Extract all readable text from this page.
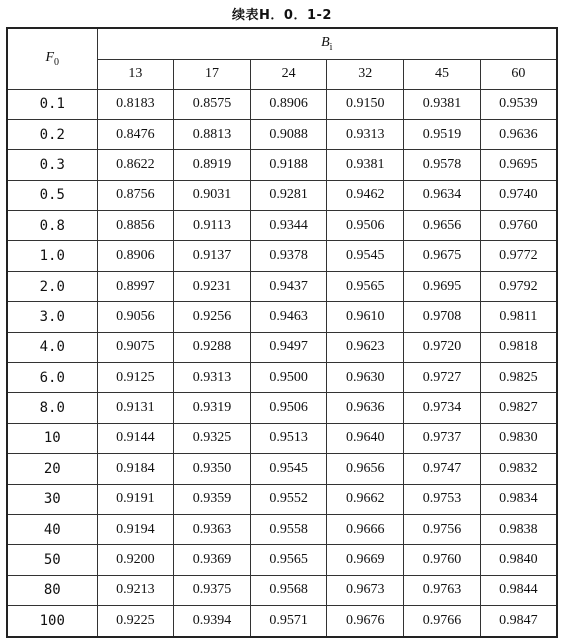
续表H．0．1-2
$F_0$	$B_i$
	13	17	24	32	45	60
0.1	0.8183	0.8575	0.8906	0.9150	0.9381	0.9539
0.2	0.8476	0.8813	0.9088	0.9313	0.9519	0.9636
0.3	0.8622	0.8919	0.9188	0.9381	0.9578	0.9695
0.5	0.8756	0.9031	0.9281	0.9462	0.9634	0.9740
0.8	0.8856	0.9113	0.9344	0.9506	0.9656	0.9760
1.0	0.8906	0.9137	0.9378	0.9545	0.9675	0.9772
2.0	0.8997	0.9231	0.9437	0.9565	0.9695	0.9792
3.0	0.9056	0.9256	0.9463	0.9610	0.9708	0.9811
4.0	0.9075	0.9288	0.9497	0.9623	0.9720	0.9818
6.0	0.9125	0.9313	0.9500	0.9630	0.9727	0.9825
8.0	0.9131	0.9319	0.9506	0.9636	0.9734	0.9827
10	0.9144	0.9325	0.9513	0.9640	0.9737	0.9830
20	0.9184	0.9350	0.9545	0.9656	0.9747	0.9832
30	0.9191	0.9359	0.9552	0.9662	0.9753	0.9834
40	0.9194	0.9363	0.9558	0.9666	0.9756	0.9838
50	0.9200	0.9369	0.9565	0.9669	0.9760	0.9840
80	0.9213	0.9375	0.9568	0.9673	0.9763	0.9844
100	0.9225	0.9394	0.9571	0.9676	0.9766	0.9847
